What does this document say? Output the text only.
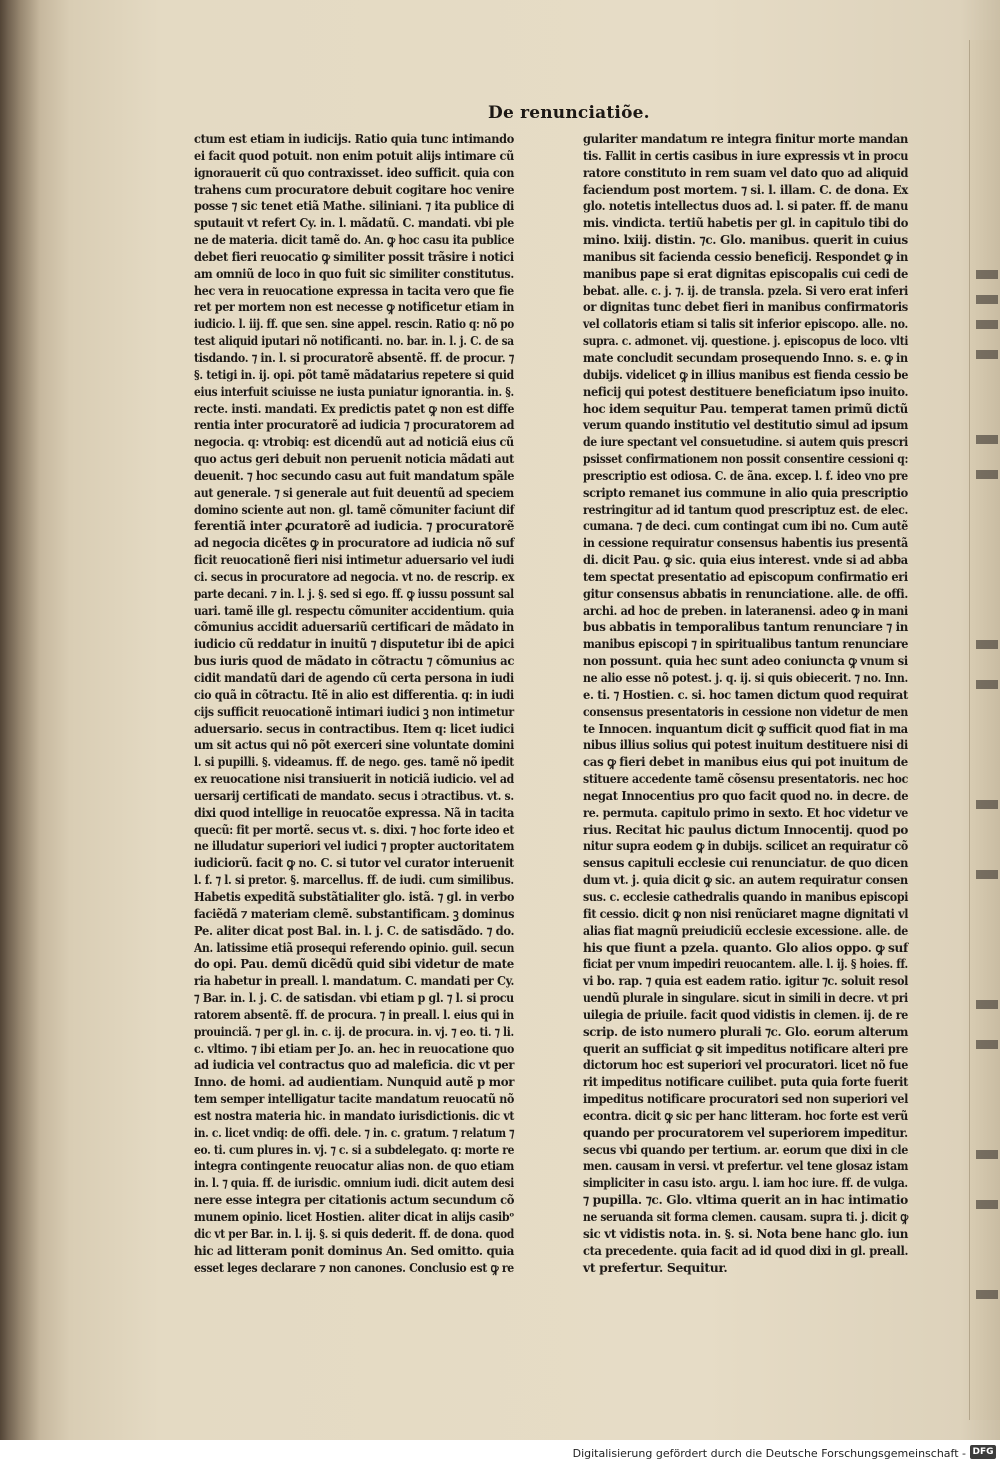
De renunciatiõe.
ctum est etiam in iudicijs. Ratio quia tunc intimando
ei facit quod potuit. non enim potuit alijs intimare cũ
ignorauerit cũ quo contraxisset. ideo sufficit. quia con
trahens cum procuratore debuit cogitare hoc venire
posse ⁊ sic tenet etiã Mathe. siliniani. ⁊ ita publice di
sputauit vt refert Cy. in. l. mãdatũ. C. mandati. vbi ple
ne de materia. dicit tamẽ do. An. ꝙ hoc casu ita publice
debet fieri reuocatio ꝙ similiter possit trãsire i notici
am omniũ de loco in quo fuit sic similiter constitutus.
hec vera in reuocatione expressa in tacita vero que fie
ret per mortem non est necesse ꝙ notificetur etiam in
iudicio. l. iij. ff. que sen. sine appel. rescin. Ratio q: nõ po
test aliquid iputari nõ notificanti. no. bar. in. l. j. C. de sa
tisdando. ⁊ in. l. si procuratorẽ absentẽ. ff. de procur. ⁊
§. tetigi in. ij. opi. põt tamẽ mãdatarius repetere si quid
eius interfuit sciuisse ne iusta puniatur ignorantia. in. §.
recte. insti. mandati. Ex predictis patet ꝙ non est diffe
rentia inter procuratorẽ ad iudicia ⁊ procuratorem ad
negocia. q: vtrobiq: est dicendũ aut ad noticiã eius cũ
quo actus geri debuit non peruenit noticia mãdati aut
deuenit. ⁊ hoc secundo casu aut fuit mandatum spãle
aut generale. ⁊ si generale aut fuit deuentũ ad speciem
domino sciente aut non. gl. tamẽ cõmuniter faciunt dif
ferentiã inter ꝓcuratorẽ ad iudicia. ⁊ procuratorẽ
ad negocia dicẽtes ꝙ in procuratore ad iudicia nõ suf
ficit reuocationẽ fieri nisi intimetur aduersario vel iudi
ci. secus in procuratore ad negocia. vt no. de rescrip. ex
parte decani. ⁊ in. l. j. §. sed si ego. ff. ꝙ iussu possunt sal
uari. tamẽ ille gl. respectu cõmuniter accidentium. quia
cõmunius accidit aduersariũ certificari de mãdato in
iudicio cũ reddatur in inuitũ ⁊ disputetur ibi de apici
bus iuris quod de mãdato in cõtractu ⁊ cõmunius ac
cidit mandatũ dari de agendo cũ certa persona in iudi
cio quã in cõtractu. Itẽ in alio est differentia. q: in iudi
cijs sufficit reuocationẽ intimari iudici ꝫ non intimetur
aduersario. secus in contractibus. Item q: licet iudici
um sit actus qui nõ põt exerceri sine voluntate domini
l. si pupilli. §. videamus. ff. de nego. ges. tamẽ nõ ipedit
ex reuocatione nisi transiuerit in noticiã iudicio. vel ad
uersarij certificati de mandato. secus i ɔtractibus. vt. s.
dixi quod intellige in reuocatõe expressa. Nã in tacita
quecũ: fit per mortẽ. secus vt. s. dixi. ⁊ hoc forte ideo et
ne illudatur superiori vel iudici ⁊ propter auctoritatem
iudiciorũ. facit ꝙ no. C. si tutor vel curator interuenit
l. f. ⁊ l. si pretor. §. marcellus. ff. de iudi. cum similibus.
Habetis expeditã substãtialiter glo. istã. ⁊ gl. in verbo
faciẽdã ⁊ materiam clemẽ. substantificam. ꝫ dominus
Pe. aliter dicat post Bal. in. l. j. C. de satisdãdo. ⁊ do.
An. latissime etiã prosequi referendo opinio. guil. secun
do opi. Pau. demũ dicẽdũ quid sibi videtur de mate
ria habetur in preall. l. mandatum. C. mandati per Cy.
⁊ Bar. in. l. j. C. de satisdan. vbi etiam p gl. ⁊ l. si procu
ratorem absentẽ. ff. de procura. ⁊ in preall. l. eius qui in
prouinciã. ⁊ per gl. in. c. ij. de procura. in. vj. ⁊ eo. ti. ⁊ li.
c. vltimo. ⁊ ibi etiam per Jo. an. hec in reuocatione quo
ad iudicia vel contractus quo ad maleficia. dic vt per
Inno. de homi. ad audientiam. Nunquid autẽ p mor
tem semper intelligatur tacite mandatum reuocatũ nõ
est nostra materia hic. in mandato iurisdictionis. dic vt
in. c. licet vndiq: de offi. dele. ⁊ in. c. gratum. ⁊ relatum ⁊
eo. ti. cum plures in. vj. ⁊ c. si a subdelegato. q: morte re
integra contingente reuocatur alias non. de quo etiam
in. l. ⁊ quia. ff. de iurisdic. omnium iudi. dicit autem desi
nere esse integra per citationis actum secundum cõ
munem opinio. licet Hostien. aliter dicat in alijs casibᵒ
dic vt per Bar. in. l. ij. §. si quis dederit. ff. de dona. quod
hic ad litteram ponit dominus An. Sed omitto. quia
esset leges declarare ⁊ non canones. Conclusio est ꝙ re
gulariter mandatum re integra finitur morte mandan
tis. Fallit in certis casibus in iure expressis vt in procu
ratore constituto in rem suam vel dato quo ad aliquid
faciendum post mortem. ⁊ si. l. illam. C. de dona. Ex
glo. notetis intellectus duos ad. l. si pater. ff. de manu
mis. vindicta. tertiũ habetis per gl. in capitulo tibi do
mino. lxiij. distin. ⁊c. Glo. manibus. querit in cuius
manibus sit facienda cessio beneficij. Respondet ꝙ in
manibus pape si erat dignitas episcopalis cui cedi de
bebat. alle. c. j. ⁊. ij. de transla. pzela. Si vero erat inferi
or dignitas tunc debet fieri in manibus confirmatoris
vel collatoris etiam si talis sit inferior episcopo. alle. no.
supra. c. admonet. vij. questione. j. episcopus de loco. vlti
mate concludit secundam prosequendo Inno. s. e. ꝙ in
dubijs. videlicet ꝙ in illius manibus est fienda cessio be
neficij qui potest destituere beneficiatum ipso inuito.
hoc idem sequitur Pau. temperat tamen primũ dictũ
verum quando institutio vel destitutio simul ad ipsum
de iure spectant vel consuetudine. si autem quis prescri
psisset confirmationem non possit consentire cessioni q:
prescriptio est odiosa. C. de ãna. excep. l. f. ideo vno pre
scripto remanet ius commune in alio quia prescriptio
restringitur ad id tantum quod prescriptuz est. de elec.
cumana. ⁊ de deci. cum contingat cum ibi no. Cum autẽ
in cessione requiratur consensus habentis ius presentã
di. dicit Pau. ꝙ sic. quia eius interest. vnde si ad abba
tem spectat presentatio ad episcopum confirmatio eri
gitur consensus abbatis in renunciatione. alle. de offi.
archi. ad hoc de preben. in lateranensi. adeo ꝙ in mani
bus abbatis in temporalibus tantum renunciare ⁊ in
manibus episcopi ⁊ in spiritualibus tantum renunciare
non possunt. quia hec sunt adeo coniuncta ꝙ vnum si
ne alio esse nõ potest. j. q. ij. si quis obiecerit. ⁊ no. Inn.
e. ti. ⁊ Hostien. c. si. hoc tamen dictum quod requirat
consensus presentatoris in cessione non videtur de men
te Innocen. inquantum dicit ꝙ sufficit quod fiat in ma
nibus illius solius qui potest inuitum destituere nisi di
cas ꝙ fieri debet in manibus eius qui pot inuitum de
stituere accedente tamẽ cõsensu presentatoris. nec hoc
negat Innocentius pro quo facit quod no. in decre. de
re. permuta. capitulo primo in sexto. Et hoc videtur ve
rius. Recitat hic paulus dictum Innocentij. quod po
nitur supra eodem ꝙ in dubijs. scilicet an requiratur cõ
sensus capituli ecclesie cui renunciatur. de quo dicen
dum vt. j. quia dicit ꝙ sic. an autem requiratur consen
sus. c. ecclesie cathedralis quando in manibus episcopi
fit cessio. dicit ꝙ non nisi renũciaret magne dignitati vl
alias fiat magnũ preiudiciũ ecclesie excessione. alle. de
his que fiunt a pzela. quanto. Glo alios oppo. ꝙ suf
ficiat per vnum impediri reuocantem. alle. l. ij. § hoies. ff.
vi bo. rap. ⁊ quia est eadem ratio. igitur ⁊c. soluit resol
uendũ plurale in singulare. sicut in simili in decre. vt pri
uilegia de priuile. facit quod vidistis in clemen. ij. de re
scrip. de isto numero plurali ⁊c. Glo. eorum alterum
querit an sufficiat ꝙ sit impeditus notificare alteri pre
dictorum hoc est superiori vel procuratori. licet nõ fue
rit impeditus notificare cuilibet. puta quia forte fuerit
impeditus notificare procuratori sed non superiori vel
econtra. dicit ꝙ sic per hanc litteram. hoc forte est verũ
quando per procuratorem vel superiorem impeditur.
secus vbi quando per tertium. ar. eorum que dixi in cle
men. causam in versi. vt prefertur. vel tene glosaz istam
simpliciter in casu isto. argu. l. iam hoc iure. ff. de vulga.
⁊ pupilla. ⁊c. Glo. vltima querit an in hac intimatio
ne seruanda sit forma clemen. causam. supra ti. j. dicit ꝙ
sic vt vidistis nota. in. §. si. Nota bene hanc glo. iun
cta precedente. quia facit ad id quod dixi in gl. preall.
vt prefertur. Sequitur.
Digitalisierung gefördert durch die Deutsche Forschungsgemeinschaft - DFG
